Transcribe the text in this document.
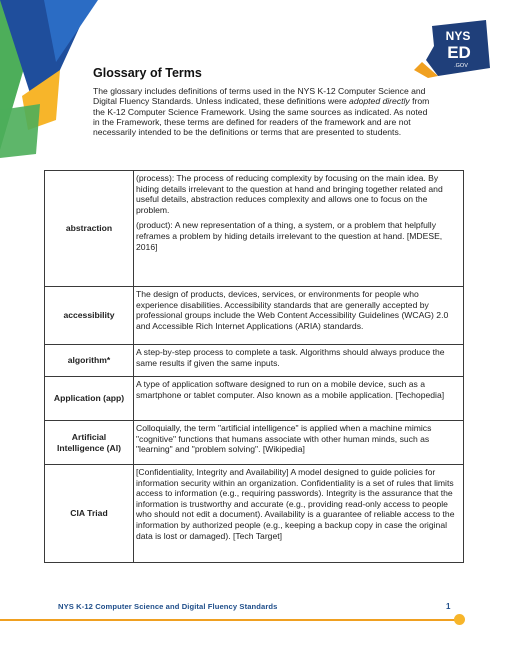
NYS
ED
.GOV
Glossary of Terms

The glossary includes definitions of terms used in the NYS K-12 Computer Science and Digital Fluency Standards. Unless indicated, these definitions were adopted directly from the K-12 Computer Science Framework. Using the same sources as indicated. As noted in the Framework, these terms are defined for readers of the framework and are not necessarily intended to be the definitions or terms that are presented to students.

abstraction	(process): The process of reducing complexity by focusing on the main idea. By hiding details irrelevant to the question at hand and bringing together related and useful details, abstraction reduces complexity and allows one to focus on the problem.

(product): A new representation of a thing, a system, or a problem that helpfully reframes a problem by hiding details irrelevant to the question at hand. [MDESE, 2016]

accessibility	The design of products, devices, services, or environments for people who experience disabilities. Accessibility standards that are generally accepted by professional groups include the Web Content Accessibility Guidelines (WCAG) 2.0 and Accessible Rich Internet Applications (ARIA) standards.

algorithm*	A step-by-step process to complete a task. Algorithms should always produce the same results if given the same inputs.

Application (app)	A type of application software designed to run on a mobile device, such as a smartphone or tablet computer. Also known as a mobile application. [Techopedia]

Artificial Intelligence (AI)	Colloquially, the term "artificial intelligence" is applied when a machine mimics "cognitive" functions that humans associate with other human minds, such as "learning" and "problem solving". [Wikipedia]

CIA Triad	[Confidentiality, Integrity and Availability] A model designed to guide policies for information security within an organization. Confidentiality is a set of rules that limits access to information (e.g., requiring passwords). Integrity is the assurance that the information is trustworthy and accurate (e.g., providing read-only access to people who should not edit a document). Availability is a guarantee of reliable access to the information by authorized people (e.g., keeping a backup copy in case the original data is lost or damaged). [Tech Target]

NYS K-12 Computer Science and Digital Fluency Standards	1
